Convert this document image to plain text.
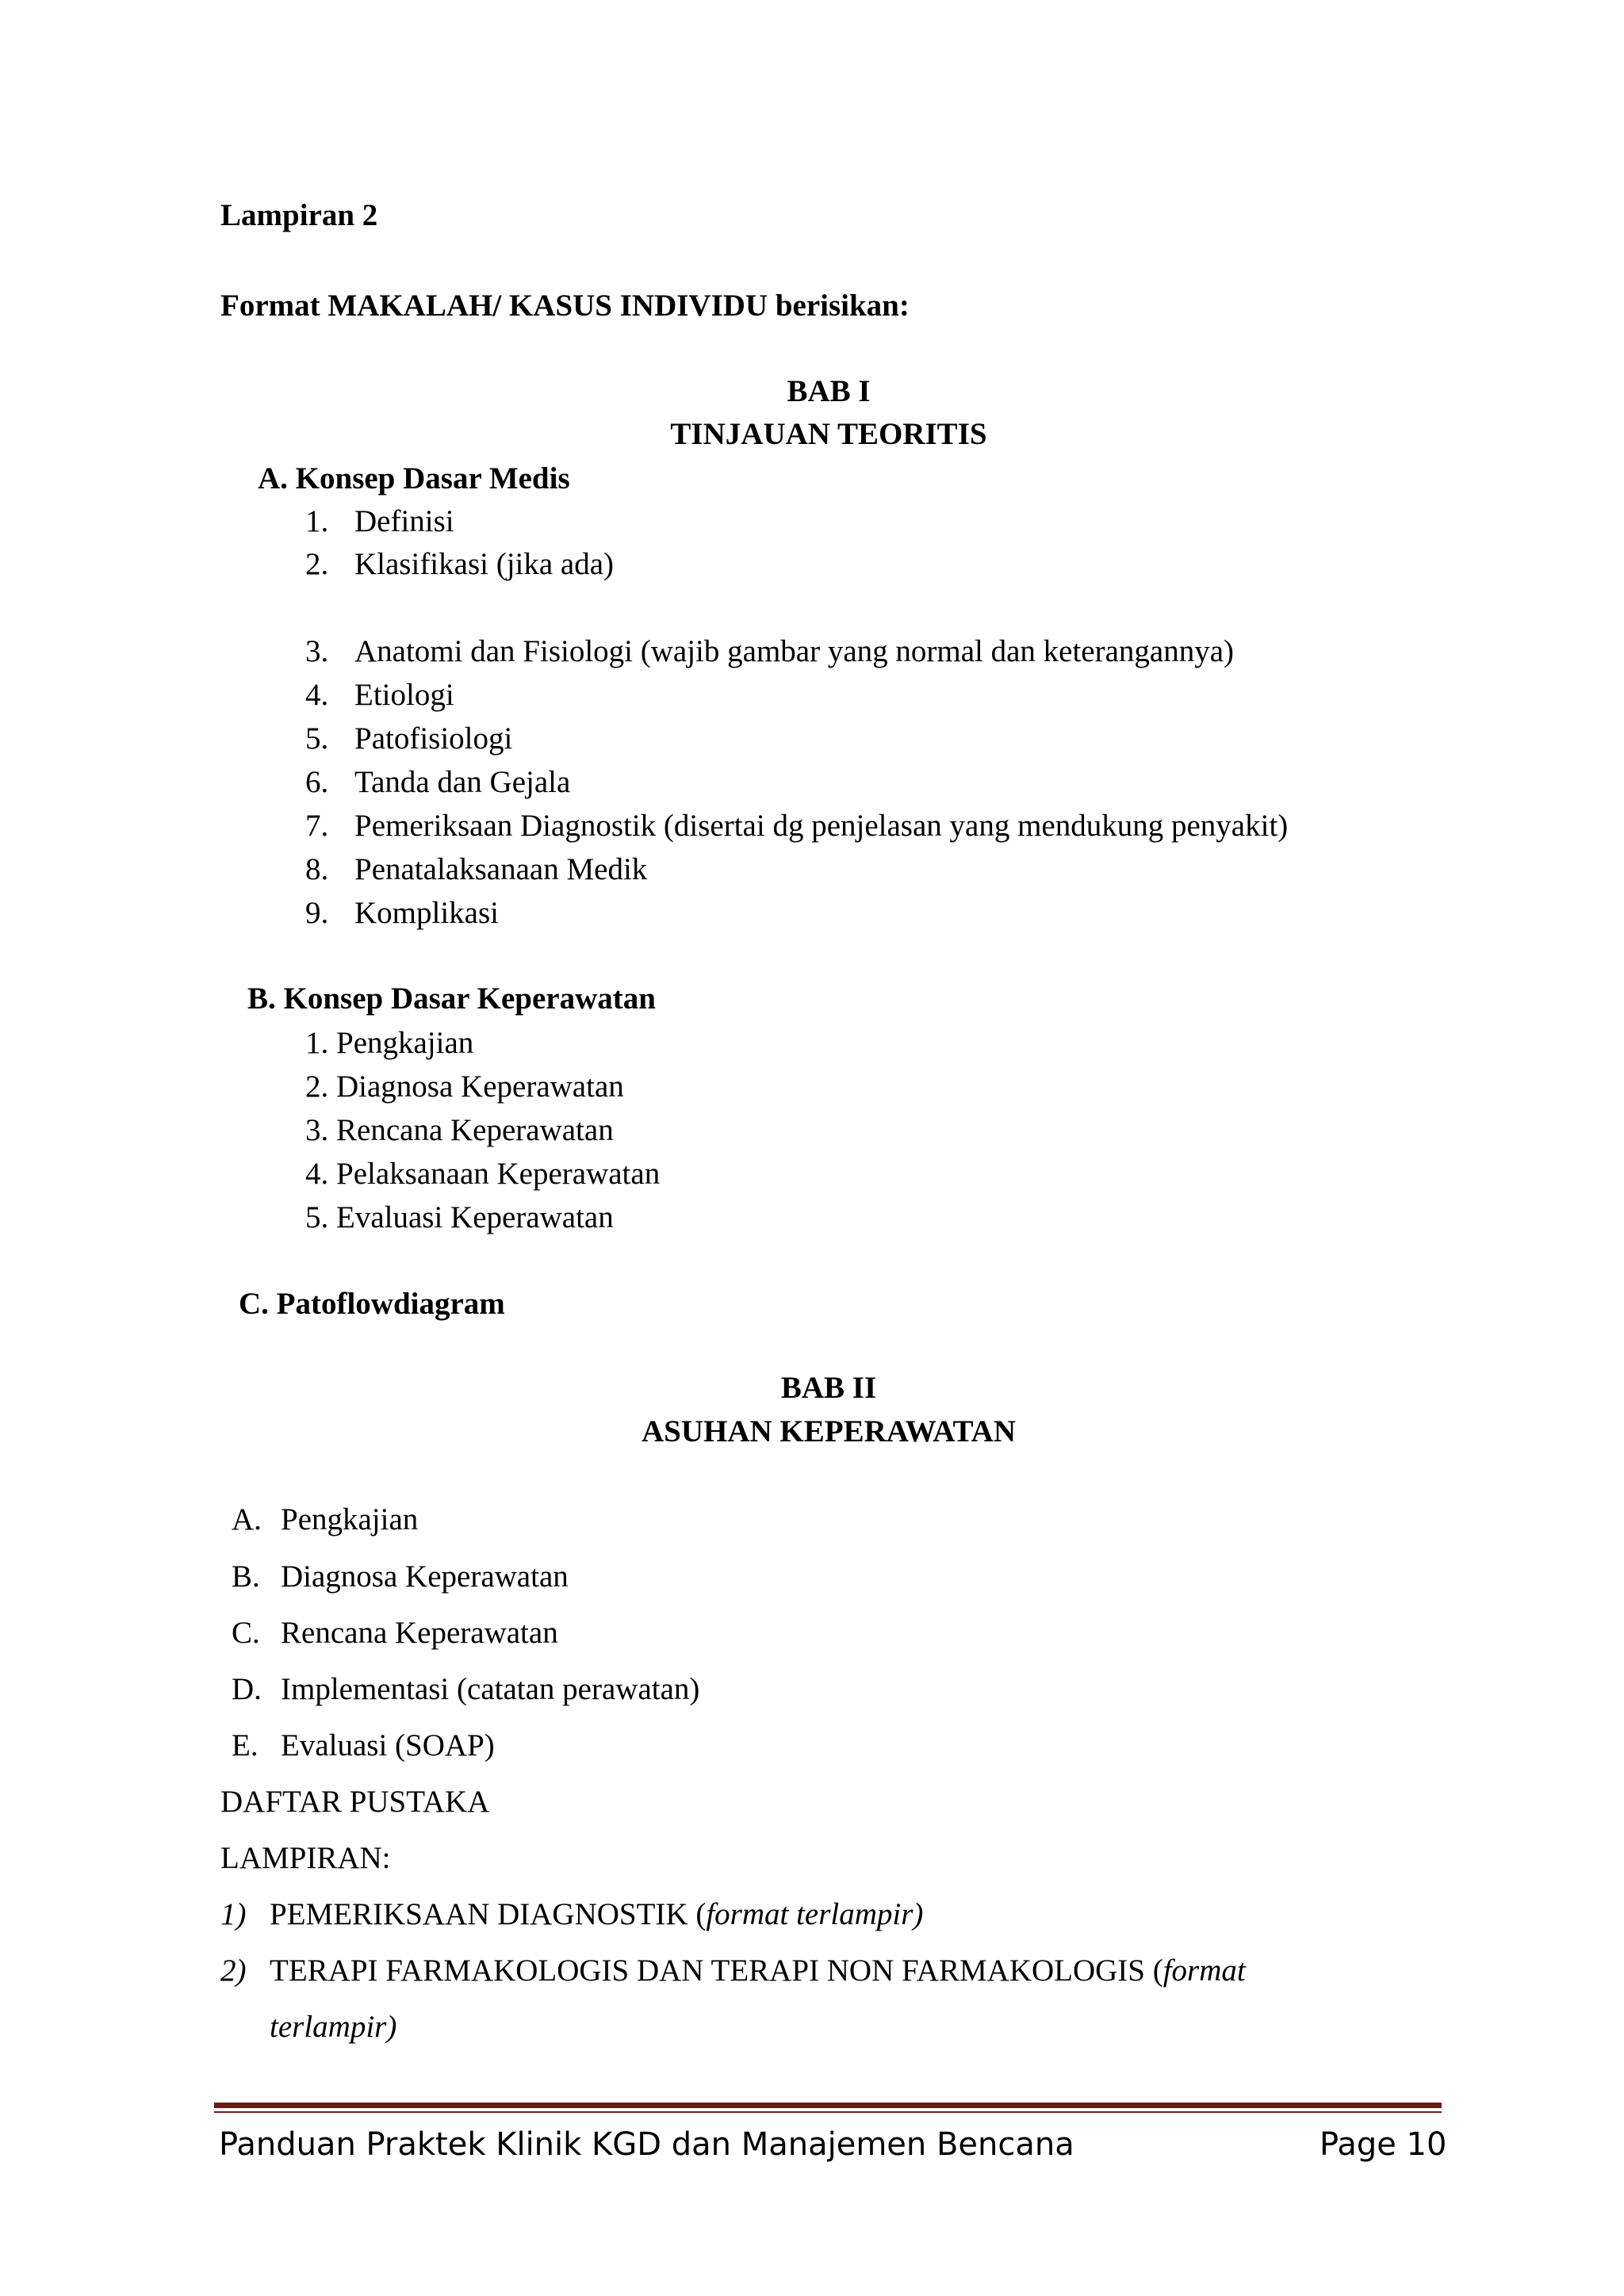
Lampiran 2
Format MAKALAH/ KASUS INDIVIDU berisikan:
BAB I
TINJAUAN TEORITIS
A. Konsep Dasar Medis
1. Definisi
2. Klasifikasi (jika ada)
3. Anatomi dan Fisiologi (wajib gambar yang normal dan keterangannya)
4. Etiologi
5. Patofisiologi
6. Tanda dan Gejala
7. Pemeriksaan Diagnostik (disertai dg penjelasan yang mendukung penyakit)
8. Penatalaksanaan Medik
9. Komplikasi
B. Konsep Dasar Keperawatan
1. Pengkajian
2. Diagnosa Keperawatan
3. Rencana Keperawatan
4. Pelaksanaan Keperawatan
5. Evaluasi Keperawatan
C. Patoflowdiagram
BAB II
ASUHAN KEPERAWATAN
A. Pengkajian
B. Diagnosa Keperawatan
C. Rencana Keperawatan
D. Implementasi (catatan perawatan)
E. Evaluasi (SOAP)
DAFTAR PUSTAKA
LAMPIRAN:
1) PEMERIKSAAN DIAGNOSTIK (format terlampir)
2) TERAPI FARMAKOLOGIS DAN TERAPI NON FARMAKOLOGIS (format
terlampir)
Panduan Praktek Klinik KGD dan Manajemen Bencana	Page 10
